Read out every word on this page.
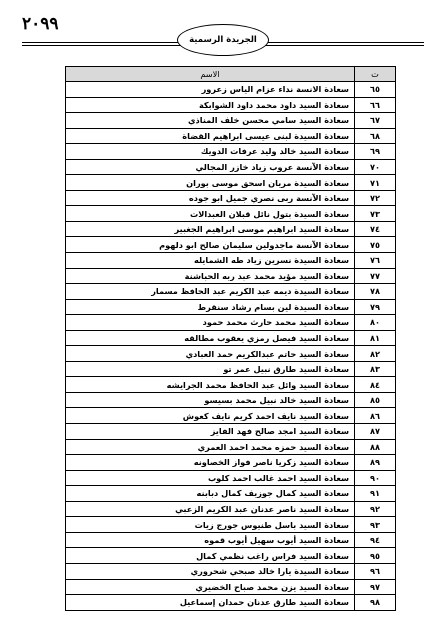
٢٠٩٩
الجريدة الرسمية
ت	الاسم
٦٥	سعادة الانسة نداء عزام الياس زعرور
٦٦	سعادة السيد داود محمد داود الشوابكة
٦٧	سعادة السيد سامي محسن خلف المناذي
٦٨	سعادة السيدة لبنى عيسى ابراهيم القضاة
٦٩	سعادة السيد خالد وليد عرفات الدويك
٧٠	سعادة الآنسة عروب زياد خازر المجالي
٧١	سعادة السيدة مريان اسحق موسى بوران
٧٢	سعادة الآنسة ربى نصري جميل ابو جوده
٧٣	سعادة السيدة بتول نائل قبلان العبدالات
٧٤	سعادة السيد ابراهيم موسى ابراهيم الجغبير
٧٥	سعادة الآنسة ماجدولين سليمان صالح ابو دلهوم
٧٦	سعادة السيدة نسرين زياد طه الشمايله
٧٧	سعادة السيد مؤيد محمد عبد ربه الحباشنة
٧٨	سعادة السيدة ديمه عبد الكريم عبد الحافظ مسمار
٧٩	سعادة السيدة لين بسام رشاد سنقرط
٨٠	سعادة السيد محمد حارث محمد حمود
٨١	سعادة السيد فيصل رمزي يعقوب مطالقه
٨٢	سعادة السيد حاتم عبدالكريم حمد العبادي
٨٣	سعادة السيد طارق نبيل عمر تو
٨٤	سعادة السيد وائل عبد الحافظ محمد الجرايشه
٨٥	سعادة السيد خالد نبيل محمد بسيسو
٨٦	سعادة السيد نايف احمد كريم نايف كعوش
٨٧	سعادة السيد امجد صالح فهد الفايز
٨٨	سعادة السيد حمزه محمد احمد العمري
٨٩	سعادة السيد زكريا ناصر فواز الخصاونه
٩٠	سعادة السيد احمد غالب احمد كلوب
٩١	سعادة السيد كمال جوزيف كمال دبابنه
٩٢	سعادة السيد ناصر عدنان عبد الكريم الزعبي
٩٣	سعادة السيد باسل طنيوس جورج زيات
٩٤	سعادة السيد أيوب سهيل أيوب قموه
٩٥	سعادة السيد فراس راغب نظمي كمال
٩٦	سعادة السيدة يارا خالد صبحي شحروري
٩٧	سعادة السيد يزن محمد صباح الخضيري
٩٨	سعادة السيد طارق عدنان حمدان إسماعيل
